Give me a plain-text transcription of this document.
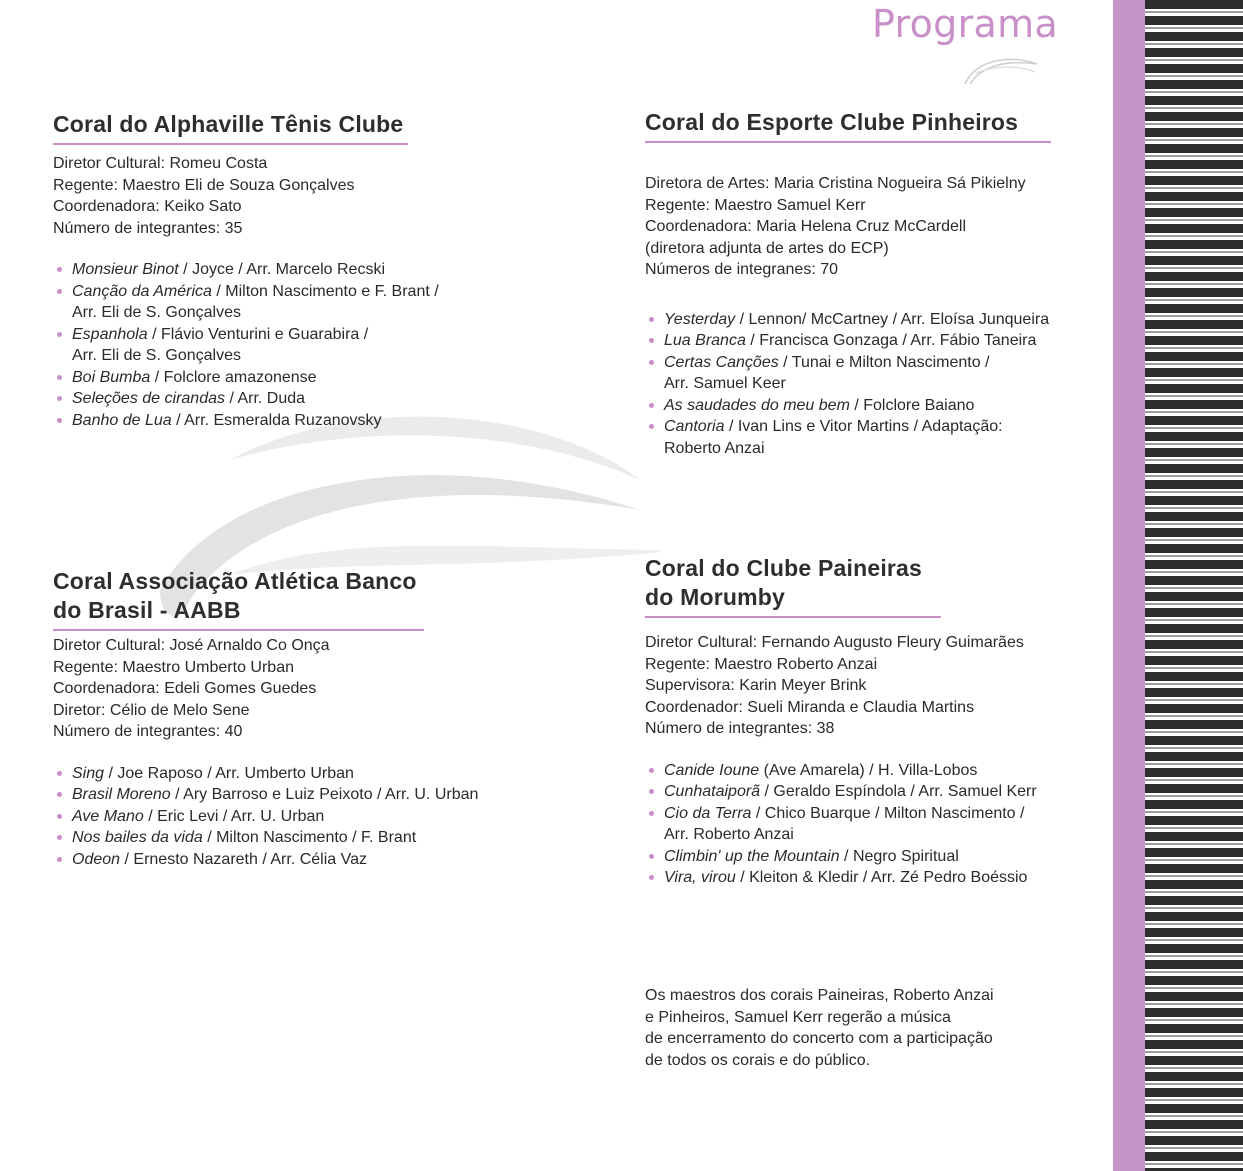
Programa
Coral do Alphaville Tênis Clube
Diretor Cultural: Romeu Costa
Regente: Maestro Eli de Souza Gonçalves
Coordenadora: Keiko Sato
Número de integrantes: 35
Monsieur Binot / Joyce / Arr. Marcelo Recski
Canção da América / Milton Nascimento e F. Brant /
Arr. Eli de S. Gonçalves
Espanhola / Flávio Venturini e Guarabira /
Arr. Eli de S. Gonçalves
Boi Bumba / Folclore amazonense
Seleções de cirandas / Arr. Duda
Banho de Lua / Arr. Esmeralda Ruzanovsky
Coral do Esporte Clube Pinheiros
Diretora de Artes: Maria Cristina Nogueira Sá Pikielny
Regente: Maestro Samuel Kerr
Coordenadora: Maria Helena Cruz McCardell
(diretora adjunta de artes do ECP)
Números de integranes: 70
Yesterday / Lennon/ McCartney / Arr. Eloísa Junqueira
Lua Branca / Francisca Gonzaga / Arr. Fábio Taneira
Certas Canções / Tunai e Milton Nascimento /
Arr. Samuel Keer
As saudades do meu bem / Folclore Baiano
Cantoria / Ivan Lins e Vitor Martins / Adaptação:
Roberto Anzai
Coral Associação Atlética Banco
do Brasil - AABB
Diretor Cultural: José Arnaldo Co Onça
Regente: Maestro Umberto Urban
Coordenadora: Edeli Gomes Guedes
Diretor: Célio de Melo Sene
Número de integrantes: 40
Sing / Joe Raposo / Arr. Umberto Urban
Brasil Moreno / Ary Barroso e Luiz Peixoto / Arr. U. Urban
Ave Mano / Eric Levi / Arr. U. Urban
Nos bailes da vida / Milton Nascimento / F. Brant
Odeon / Ernesto Nazareth / Arr. Célia Vaz
Coral do Clube Paineiras
do Morumby
Diretor Cultural: Fernando Augusto Fleury Guimarães
Regente: Maestro Roberto Anzai
Supervisora: Karin Meyer Brink
Coordenador: Sueli Miranda e Claudia Martins
Número de integrantes: 38
Canide Ioune (Ave Amarela) / H. Villa-Lobos
Cunhataiporã / Geraldo Espíndola / Arr. Samuel Kerr
Cio da Terra / Chico Buarque / Milton Nascimento /
Arr. Roberto Anzai
Climbin' up the Mountain / Negro Spiritual
Vira, virou / Kleiton & Kledir / Arr. Zé Pedro Boéssio
Os maestros dos corais Paineiras, Roberto Anzai
e Pinheiros, Samuel Kerr regerão a música
de encerramento do concerto com a participação
de todos os corais e do público.
